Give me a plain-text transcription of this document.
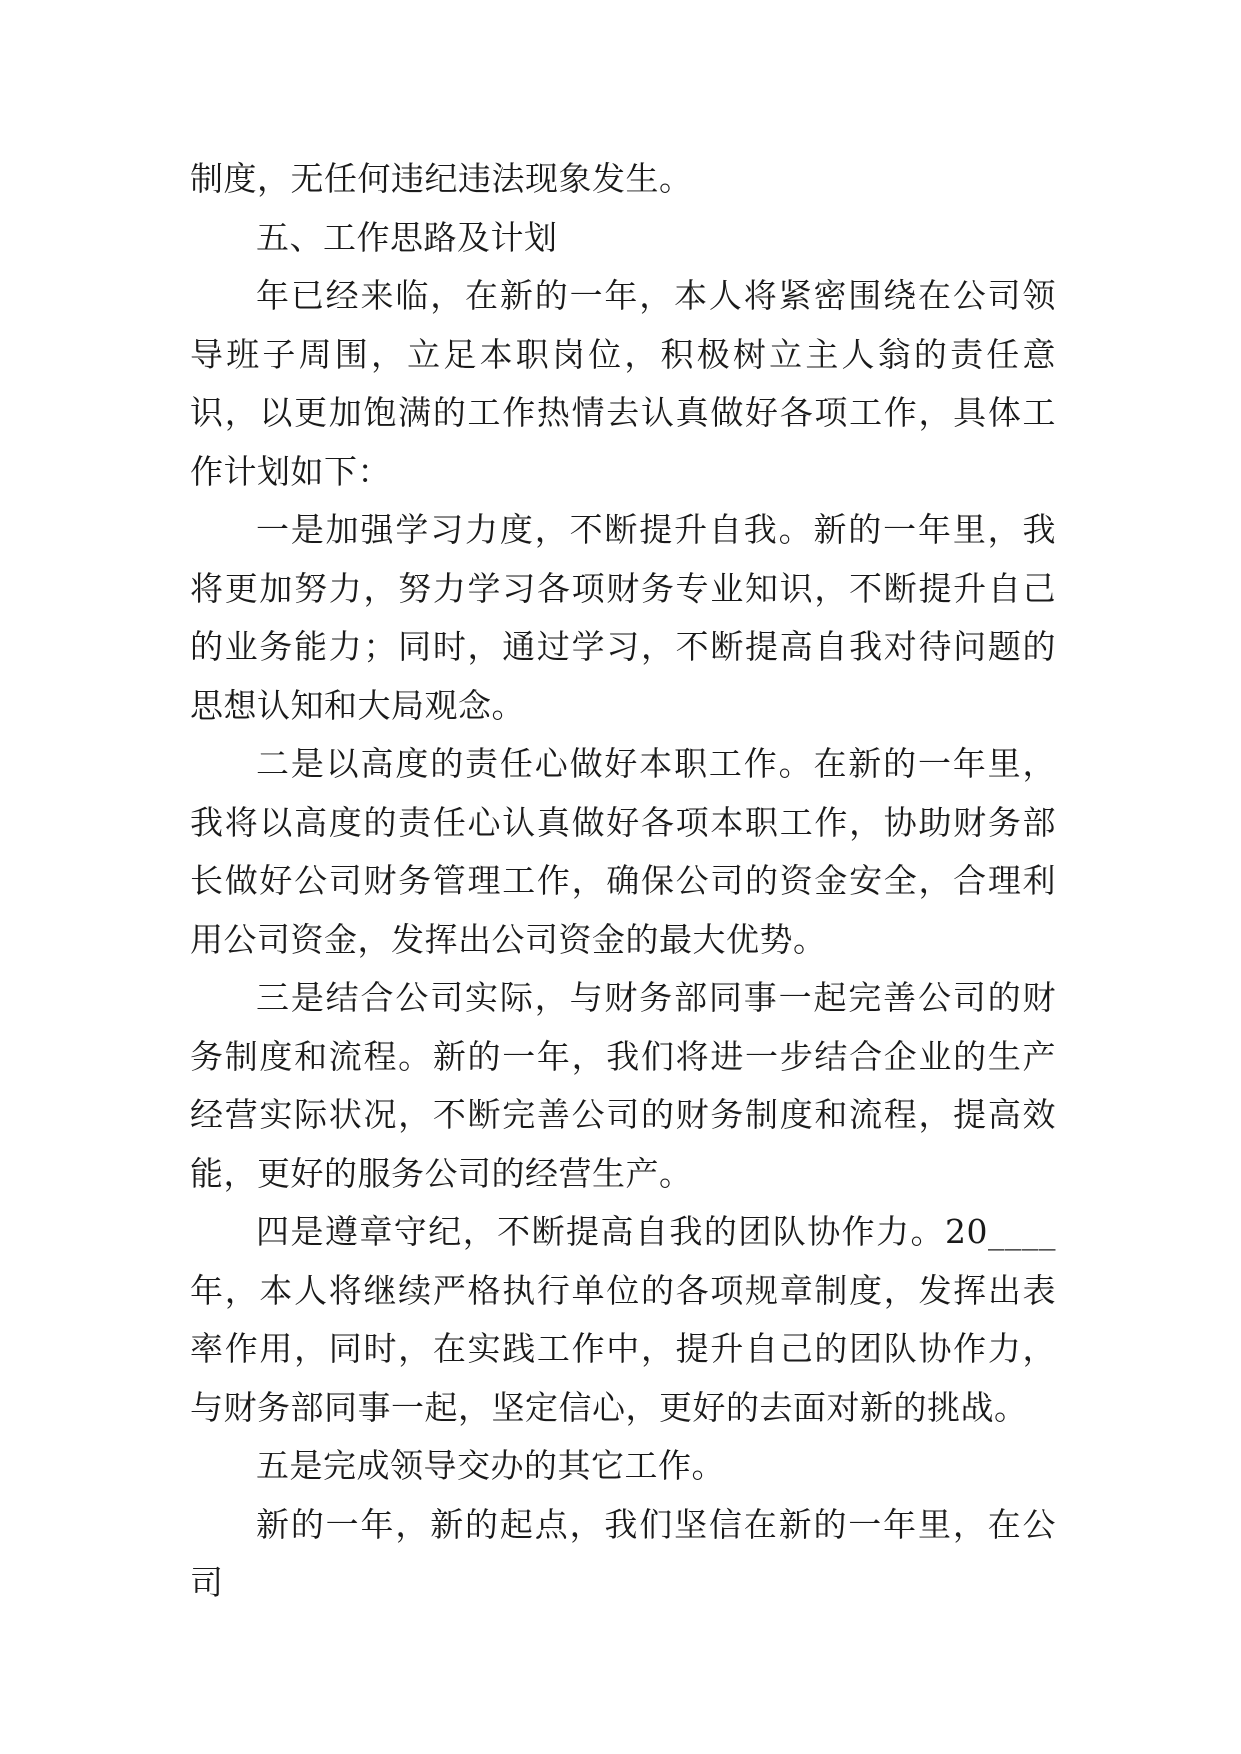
制度，无任何违纪违法现象发生。

五、工作思路及计划

年已经来临，在新的一年，本人将紧密围绕在公司领导班子周围，立足本职岗位，积极树立主人翁的责任意识，以更加饱满的工作热情去认真做好各项工作，具体工作计划如下：

一是加强学习力度，不断提升自我。新的一年里，我将更加努力，努力学习各项财务专业知识，不断提升自己的业务能力；同时，通过学习，不断提高自我对待问题的思想认知和大局观念。

二是以高度的责任心做好本职工作。在新的一年里，我将以高度的责任心认真做好各项本职工作，协助财务部长做好公司财务管理工作，确保公司的资金安全，合理利用公司资金，发挥出公司资金的最大优势。

三是结合公司实际，与财务部同事一起完善公司的财务制度和流程。新的一年，我们将进一步结合企业的生产经营实际状况，不断完善公司的财务制度和流程，提高效能，更好的服务公司的经营生产。

四是遵章守纪，不断提高自我的团队协作力。20____年，本人将继续严格执行单位的各项规章制度，发挥出表率作用，同时，在实践工作中，提升自己的团队协作力，与财务部同事一起，坚定信心，更好的去面对新的挑战。

五是完成领导交办的其它工作。

新的一年，新的起点，我们坚信在新的一年里，在公司
